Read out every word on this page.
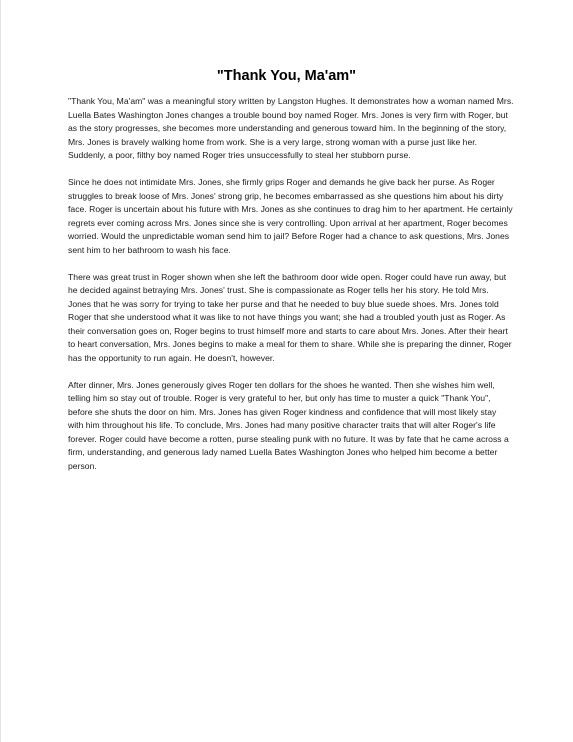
"Thank You, Ma'am"

"Thank You, Ma'am" was a meaningful story written by Langston Hughes. It demonstrates how a woman named Mrs. Luella Bates Washington Jones changes a trouble bound boy named Roger. Mrs. Jones is very firm with Roger, but as the story progresses, she becomes more understanding and generous toward him. In the beginning of the story, Mrs. Jones is bravely walking home from work. She is a very large, strong woman with a purse just like her. Suddenly, a poor, filthy boy named Roger tries unsuccessfully to steal her stubborn purse.

Since he does not intimidate Mrs. Jones, she firmly grips Roger and demands he give back her purse. As Roger struggles to break loose of Mrs. Jones' strong grip, he becomes embarrassed as she questions him about his dirty face. Roger is uncertain about his future with Mrs. Jones as she continues to drag him to her apartment. He certainly regrets ever coming across Mrs. Jones since she is very controlling. Upon arrival at her apartment, Roger becomes worried. Would the unpredictable woman send him to jail? Before Roger had a chance to ask questions, Mrs. Jones sent him to her bathroom to wash his face.

There was great trust in Roger shown when she left the bathroom door wide open. Roger could have run away, but he decided against betraying Mrs. Jones' trust. She is compassionate as Roger tells her his story. He told Mrs. Jones that he was sorry for trying to take her purse and that he needed to buy blue suede shoes. Mrs. Jones told Roger that she understood what it was like to not have things you want; she had a troubled youth just as Roger. As their conversation goes on, Roger begins to trust himself more and starts to care about Mrs. Jones. After their heart to heart conversation, Mrs. Jones begins to make a meal for them to share. While she is preparing the dinner, Roger has the opportunity to run again. He doesn't, however.

After dinner, Mrs. Jones generously gives Roger ten dollars for the shoes he wanted. Then she wishes him well, telling him so stay out of trouble. Roger is very grateful to her, but only has time to muster a quick "Thank You", before she shuts the door on him. Mrs. Jones has given Roger kindness and confidence that will most likely stay with him throughout his life. To conclude, Mrs. Jones had many positive character traits that will alter Roger's life forever. Roger could have become a rotten, purse stealing punk with no future. It was by fate that he came across a firm, understanding, and generous lady named Luella Bates Washington Jones who helped him become a better person.
